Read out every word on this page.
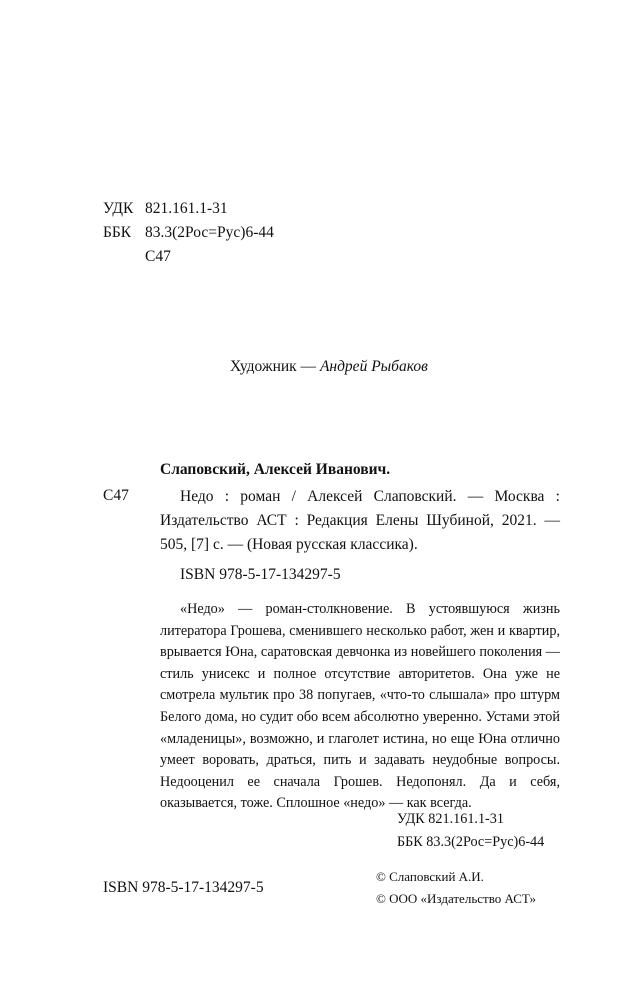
УДК 821.161.1-31
ББК 83.3(2Рос=Рус)6-44
С47
Художник — Андрей Рыбаков
Слаповский, Алексей Иванович.
С47	Недо : роман / Алексей Слаповский. — Москва : Издательство АСТ : Редакция Елены Шубиной, 2021. — 505, [7] с. — (Новая русская классика).
ISBN 978-5-17-134297-5
«Недо» — роман-столкновение. В устоявшуюся жизнь литератора Грошева, сменившего несколько работ, жен и квартир, врывается Юна, саратовская девчонка из новейшего поколения — стиль унисекс и полное отсутствие авторитетов. Она уже не смотрела мультик про 38 попугаев, «что-то слышала» про штурм Белого дома, но судит обо всем абсолютно уверенно. Устами этой «младеницы», возможно, и глаголет истина, но еще Юна отлично умеет воровать, драться, пить и задавать неудобные вопросы. Недооценил ее сначала Грошев. Недопонял. Да и себя, оказывается, тоже. Сплошное «недо» — как всегда.
УДК 821.161.1-31
ББК 83.3(2Рос=Рус)6-44
ISBN 978-5-17-134297-5
© Слаповский А.И.
© ООО «Издательство АСТ»
